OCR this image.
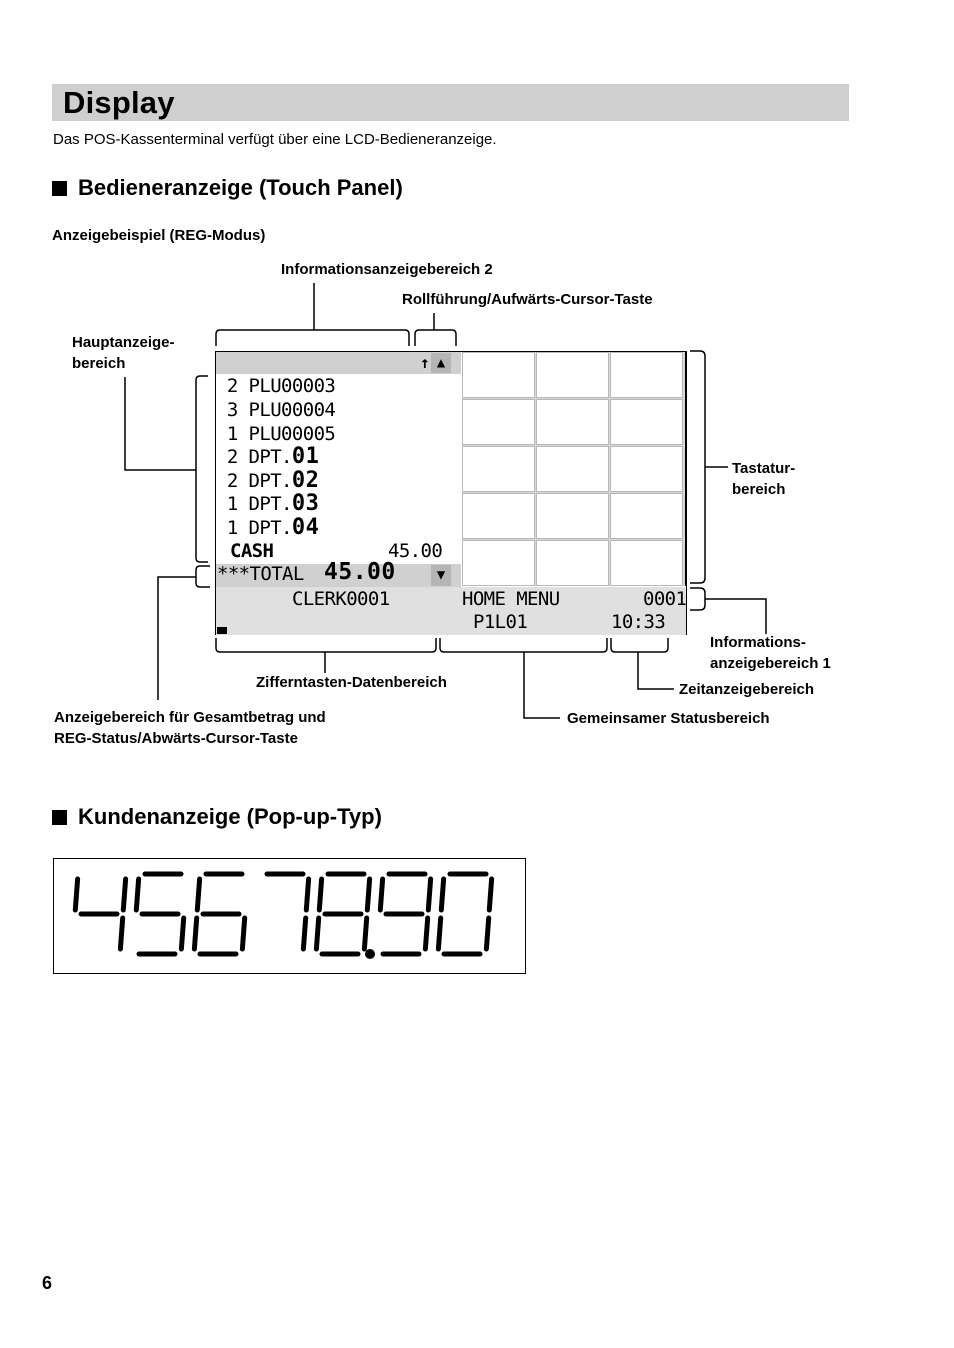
Display
Das POS-Kassenterminal verfügt über eine LCD-Bedieneranzeige.
Bedieneranzeige (Touch Panel)
Anzeigebeispiel (REG-Modus)
Informationsanzeigebereich 2
Rollführung/Aufwärts-Cursor-Taste
Hauptanzeige-
bereich
Tastatur-
bereich
Informations-
anzeigebereich 1
Zeitanzeigebereich
Gemeinsamer Statusbereich
Zifferntasten-Datenbereich
Anzeigebereich für Gesamtbetrag und
REG-Status/Abwärts-Cursor-Taste
↑ ▲
2 PLU00003
3 PLU00004
1 PLU00005
2 DPT.01
2 DPT.02
1 DPT.03
1 DPT.04
CASH	45.00
***TOTAL 45.00	▼
CLERK0001	HOME MENU	0001
P1L01	10:33
Kundenanzeige (Pop-up-Typ)
6
